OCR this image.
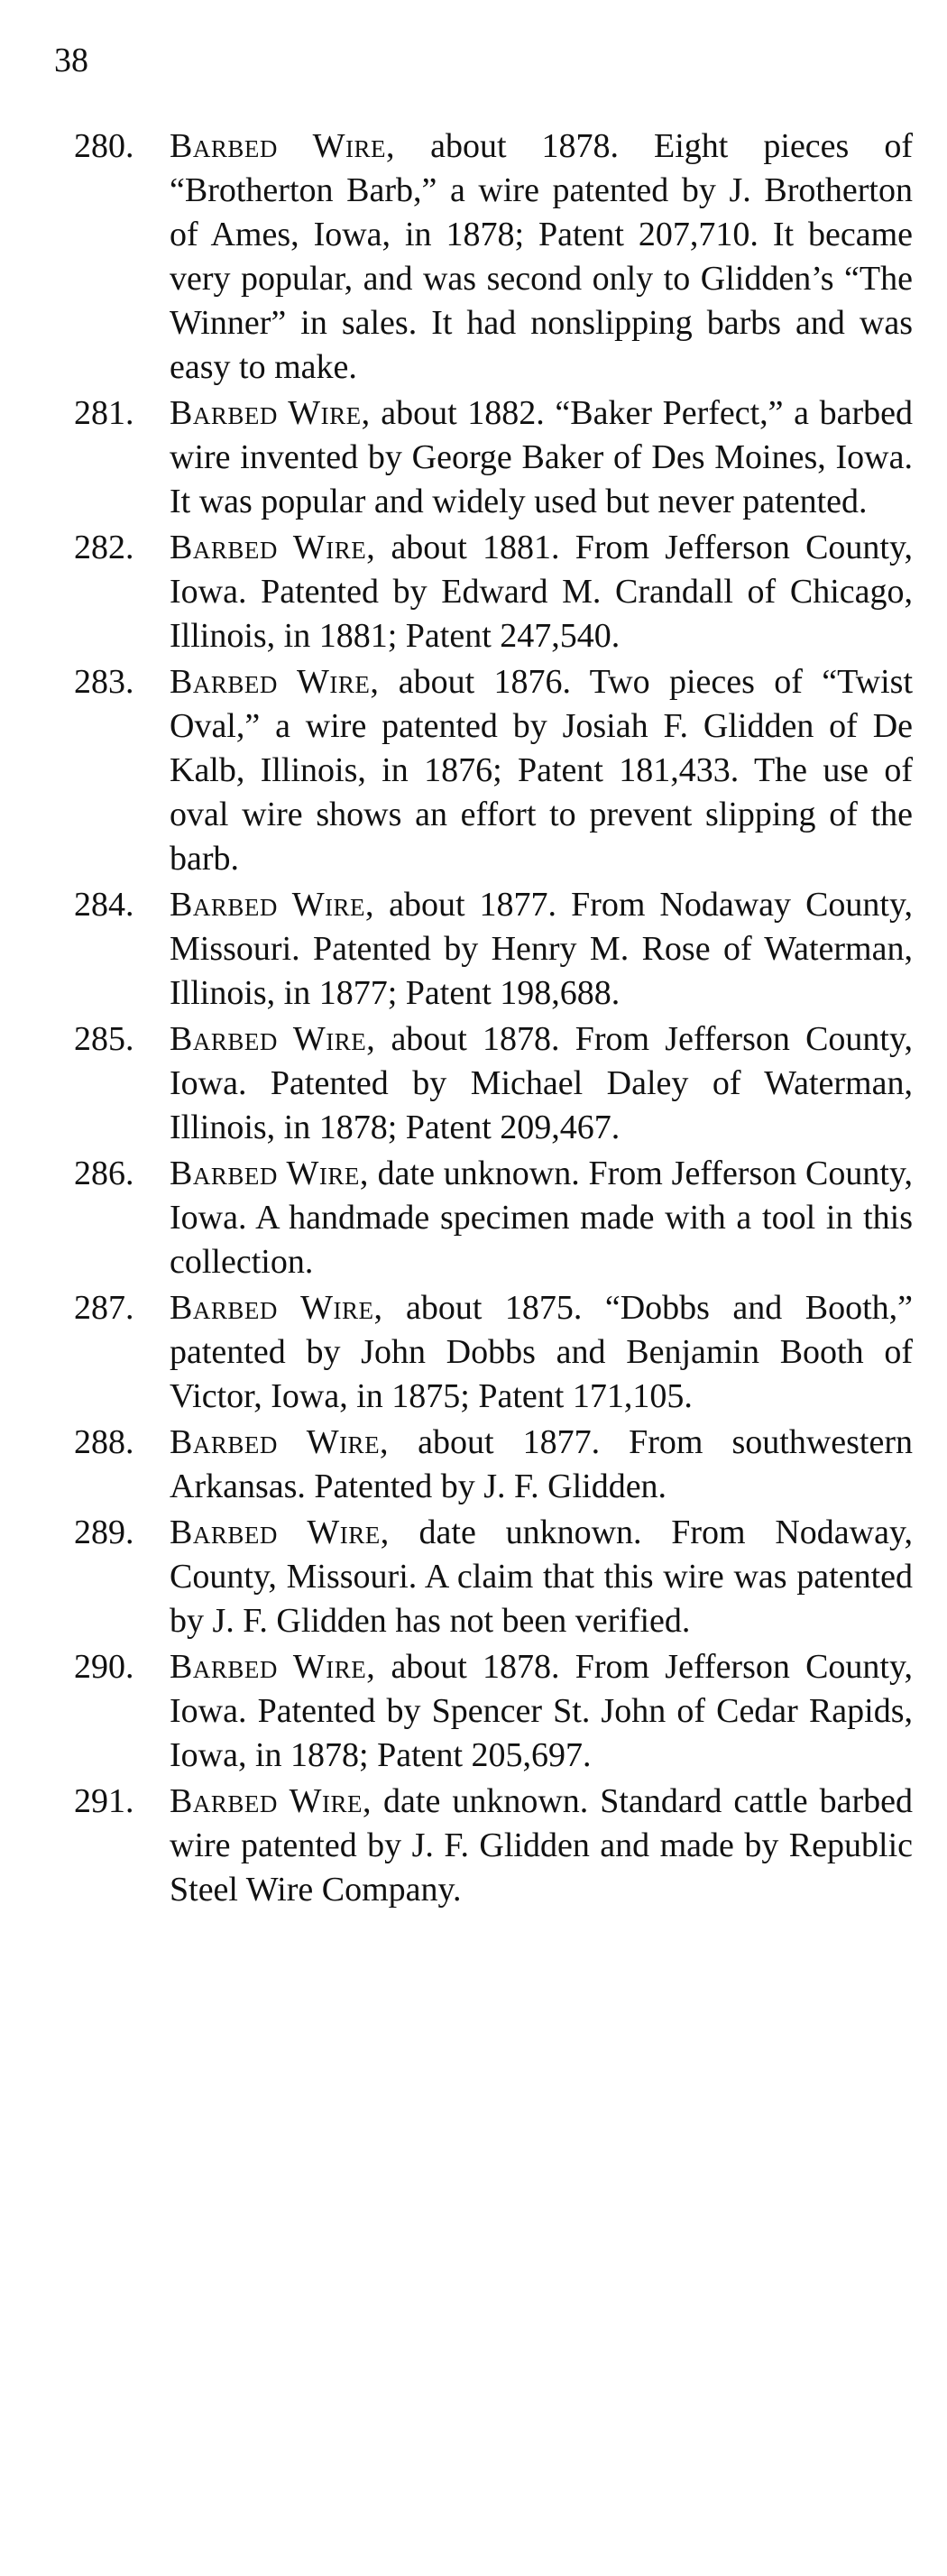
38
280. Barbed Wire, about 1878. Eight pieces of “Brotherton Barb,” a wire patented by J. Brotherton of Ames, Iowa, in 1878; Patent 207,710. It became very popular, and was second only to Glidden’s “The Winner” in sales. It had nonslipping barbs and was easy to make.
281. Barbed Wire, about 1882. “Baker Perfect,” a barbed wire invented by George Baker of Des Moines, Iowa. It was popular and widely used but never patented.
282. Barbed Wire, about 1881. From Jefferson County, Iowa. Patented by Edward M. Crandall of Chicago, Illinois, in 1881; Patent 247,540.
283. Barbed Wire, about 1876. Two pieces of “Twist Oval,” a wire patented by Josiah F. Glidden of De Kalb, Illinois, in 1876; Patent 181,433. The use of oval wire shows an effort to prevent slipping of the barb.
284. Barbed Wire, about 1877. From Nodaway County, Missouri. Patented by Henry M. Rose of Waterman, Illinois, in 1877; Patent 198,688.
285. Barbed Wire, about 1878. From Jefferson County, Iowa. Patented by Michael Daley of Waterman, Illinois, in 1878; Patent 209,467.
286. Barbed Wire, date unknown. From Jefferson County, Iowa. A handmade specimen made with a tool in this collection.
287. Barbed Wire, about 1875. “Dobbs and Booth,” patented by John Dobbs and Benjamin Booth of Victor, Iowa, in 1875; Patent 171,105.
288. Barbed Wire, about 1877. From southwestern Arkansas. Patented by J. F. Glidden.
289. Barbed Wire, date unknown. From Nodaway, County, Missouri. A claim that this wire was patented by J. F. Glidden has not been verified.
290. Barbed Wire, about 1878. From Jefferson County, Iowa. Patented by Spencer St. John of Cedar Rapids, Iowa, in 1878; Patent 205,697.
291. Barbed Wire, date unknown. Standard cattle barbed wire patented by J. F. Glidden and made by Republic Steel Wire Company.
